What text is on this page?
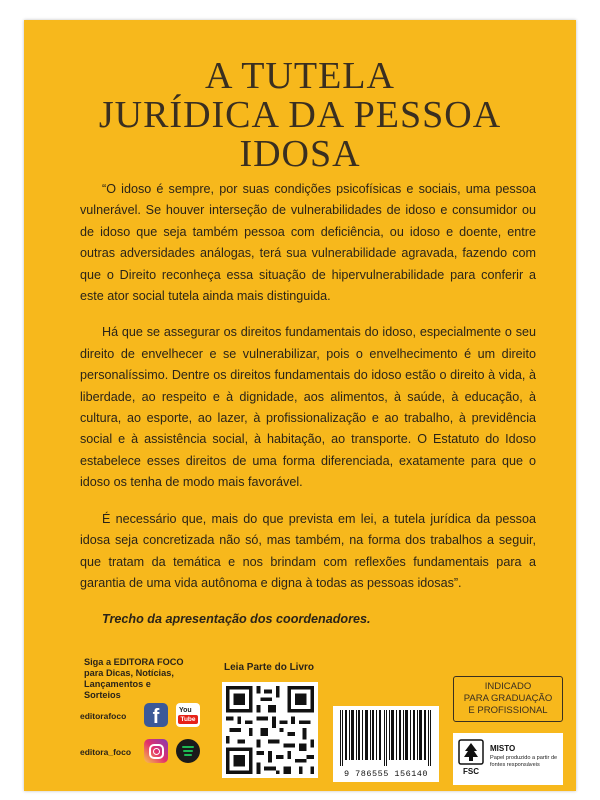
A TUTELA
JURÍDICA DA PESSOA
IDOSA

“O idoso é sempre, por suas condições psicofísicas e sociais, uma pessoa vulnerável. Se houver interseção de vulnerabilidades de idoso e consumidor ou de idoso que seja também pessoa com deficiência, ou idoso e doente, entre outras adversidades análogas, terá sua vulnerabilidade agravada, fazendo com que o Direito reconheça essa situação de hipervulnerabilidade para conferir a este ator social tutela ainda mais distinguida.

Há que se assegurar os direitos fundamentais do idoso, especialmente o seu direito de envelhecer e se vulnerabilizar, pois o envelhecimento é um direito personalíssimo. Dentre os direitos fundamentais do idoso estão o direito à vida, à liberdade, ao respeito e à dignidade, aos alimentos, à saúde, à educação, à cultura, ao esporte, ao lazer, à profissionalização e ao trabalho, à previdência social e à assistência social, à habitação, ao transporte. O Estatuto do Idoso estabelece esses direitos de uma forma diferenciada, exatamente para que o idoso os tenha de modo mais favorável.

É necessário que, mais do que prevista em lei, a tutela jurídica da pessoa idosa seja concretizada não só, mas também, na forma dos trabalhos a seguir, que tratam da temática e nos brindam com reflexões fundamentais para a garantia de uma vida autônoma e digna à todas as pessoas idosas”.

Trecho da apresentação dos coordenadores.

Siga a EDITORA FOCO
para Dicas, Notícias,
Lançamentos e Sorteios
editorafoco	f	You
Tube
editora_foco
Leia Parte do Livro
9 786555 156140
INDICADO
PARA GRADUAÇÃO
E PROFISSIONAL
FSC
MISTO
Papel produzido a partir de fontes responsáveis
